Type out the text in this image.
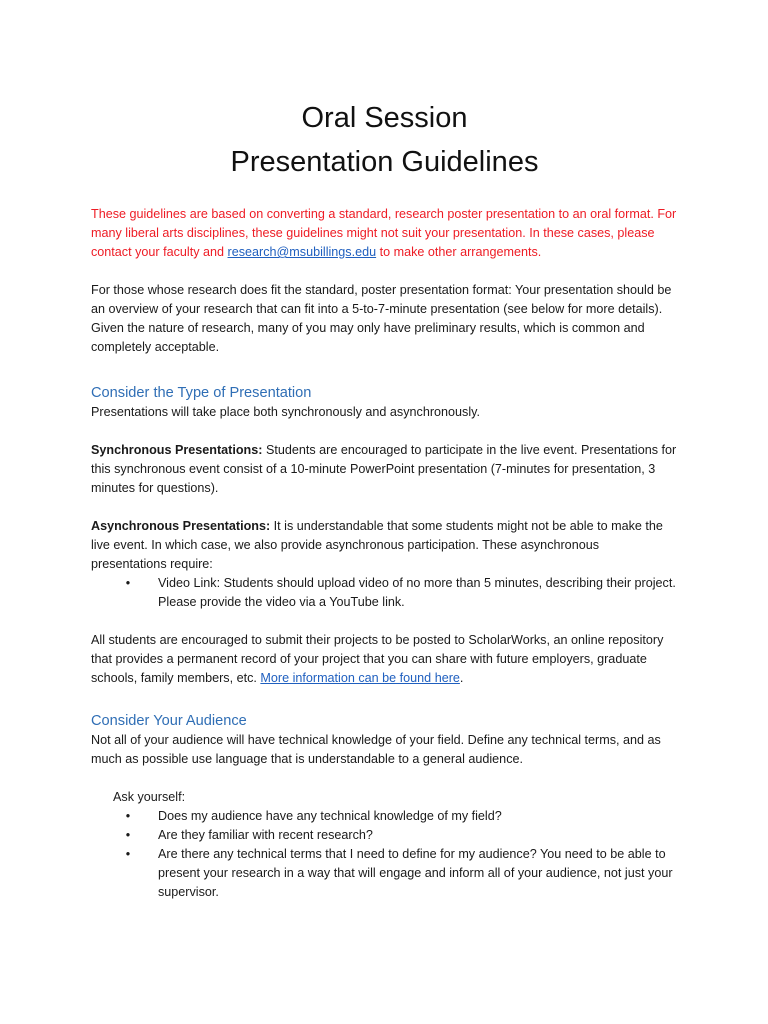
Oral Session
Presentation Guidelines

These guidelines are based on converting a standard, research poster presentation to an oral format. For many liberal arts disciplines, these guidelines might not suit your presentation. In these cases, please contact your faculty and research@msubillings.edu to make other arrangements.

For those whose research does fit the standard, poster presentation format: Your presentation should be an overview of your research that can fit into a 5-to-7-minute presentation (see below for more details). Given the nature of research, many of you may only have preliminary results, which is common and completely acceptable.

Consider the Type of Presentation

Presentations will take place both synchronously and asynchronously.

Synchronous Presentations: Students are encouraged to participate in the live event. Presentations for this synchronous event consist of a 10-minute PowerPoint presentation (7-minutes for presentation, 3 minutes for questions).

Asynchronous Presentations: It is understandable that some students might not be able to make the live event. In which case, we also provide asynchronous participation. These asynchronous presentations require:

•	Video Link: Students should upload video of no more than 5 minutes, describing their project. Please provide the video via a YouTube link.

All students are encouraged to submit their projects to be posted to ScholarWorks, an online repository that provides a permanent record of your project that you can share with future employers, graduate schools, family members, etc. More information can be found here.

Consider Your Audience

Not all of your audience will have technical knowledge of your field. Define any technical terms, and as much as possible use language that is understandable to a general audience.

Ask yourself:

•	Does my audience have any technical knowledge of my field?
•	Are they familiar with recent research?
•	Are there any technical terms that I need to define for my audience? You need to be able to present your research in a way that will engage and inform all of your audience, not just your supervisor.
